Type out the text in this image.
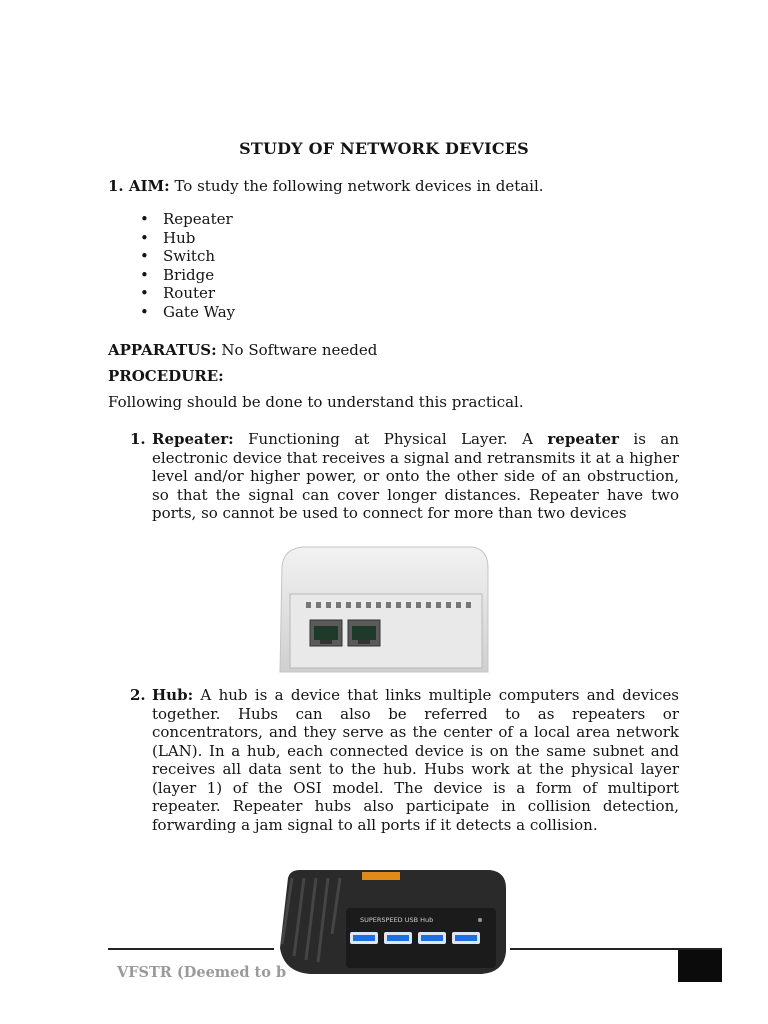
STUDY OF NETWORK DEVICES
1. AIM: To study the following network devices in detail.
• Repeater
• Hub
• Switch
• Bridge
• Router
• Gate Way
APPARATUS: No Software needed
PROCEDURE:
Following should be done to understand this practical.
1. Repeater: Functioning at Physical Layer. A repeater is an electronic device that receives a signal and retransmits it at a higher level and/or higher power, or onto the other side of an obstruction, so that the signal can cover longer distances. Repeater have two ports, so cannot be used to connect for more than two devices
2. Hub: A hub is a device that links multiple computers and devices together. Hubs can also be referred to as repeaters or concentrators, and they serve as the center of a local area network (LAN). In a hub, each connected device is on the same subnet and receives all data sent to the hub. Hubs work at the physical layer (layer 1) of the OSI model. The device is a form of multiport repeater. Repeater hubs also participate in collision detection, forwarding a jam signal to all ports if it detects a collision.
SUPERSPEED USB Hub
VFSTR (Deemed to b
